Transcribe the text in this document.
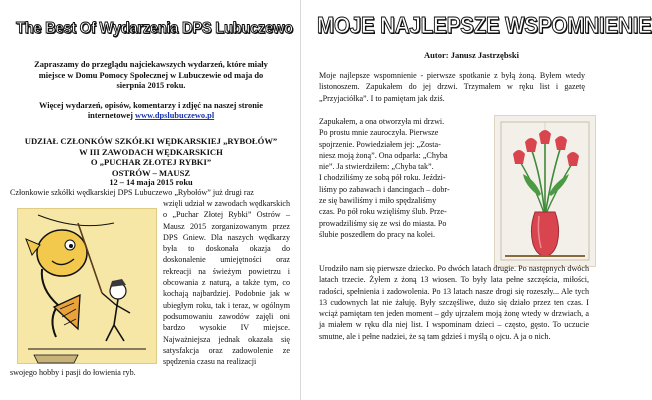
The Best Of Wydarzenia DPS Lubuczewo
Zapraszamy do przeglądu najciekawszych wydarzeń, które miały miejsce w Domu Pomocy Społecznej w Lubuczewie od maja do sierpnia 2015 roku.
Więcej wydarzeń, opisów, komentarzy i zdjęć na naszej stronie internetowej www.dpslubuczewo.pl
UDZIAŁ CZŁONKÓW SZKÓŁKI WĘDKARSKIEJ „RYBOŁÓW”
W III ZAWODACH WĘDKARSKICH
O „PUCHAR ZŁOTEJ RYBKI”
OSTRÓW – MAUSZ
12 – 14 maja 2015 roku
Członkowie szkółki wędkarskiej DPS Lubuczewo „Rybołów” już drugi raz
wzięli udział w zawodach wędkarskich o „Puchar Złotej Rybki” Ostrów – Mausz 2015 zorganizowanym przez DPS Gniew. Dla naszych wędkarzy była to doskonała okazja do doskonalenie umiejętności oraz rekreacji na świeżym powietrzu i obcowania z naturą, a także tym, co kochają najbardziej. Podobnie jak w ubiegłym roku, tak i teraz, w ogólnym podsumowaniu zawodów zajęli oni bardzo wysokie IV miejsce. Najważniejsza jednak okazała się satysfakcja oraz zadowolenie ze spędzenia czasu na realizacji
swojego hobby i pasji do łowienia ryb.
MOJE NAJLEPSZE WSPOMNIENIE
Autor: Janusz Jastrzębski
Moje najlepsze wspomnienie - pierwsze spotkanie z byłą żoną. Byłem wtedy listonoszem. Zapukałem do jej drzwi. Trzymałem w ręku list i gazetę „Przyjaciółka”. I to pamiętam jak dziś.
Zapukałem, a ona otworzyła mi drzwi.
Po prostu mnie zauroczyła. Pierwsze
spojrzenie. Powiedziałem jej: „Zosta-
niesz moją żoną”. Ona odparła: „Chyba
nie”. Ja stwierdziłem: „Chyba tak”.
I chodziliśmy ze sobą pół roku. Jeździ-
liśmy po zabawach i dancingach – dobr-
ze się bawiliśmy i miło spędzaliśmy
czas. Po pół roku wzięliśmy ślub. Prze-
prowadziliśmy się ze wsi do miasta. Po
ślubie poszedłem do pracy na kolei.
Urodziło nam się pierwsze dziecko. Po dwóch latach drugie. Po następnych dwóch latach trzecie. Żyłem z żoną 13 wiosen. To były lata pełne szczęścia, miłości, radości, spełnienia i zadowolenia. Po 13 latach nasze drogi się rozeszły... Ale tych 13 cudownych lat nie żałuję. Były szczęśliwe, dużo się działo przez ten czas. I wciąż pamiętam ten jeden moment – gdy ujrzałem moją żonę wtedy w drzwiach, a ja miałem w ręku dla niej list. I wspominam dzieci – często, gęsto. To uczucie smutne, ale i pełne nadziei, że są tam gdzieś i myślą o ojcu. A ja o nich.
